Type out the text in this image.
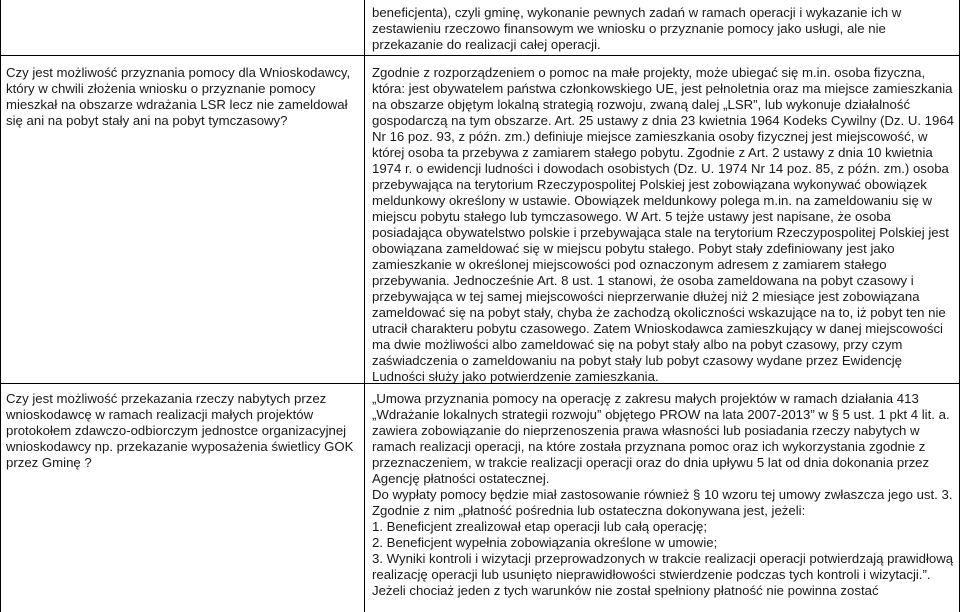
beneficjenta), czyli gminę, wykonanie pewnych zadań w ramach operacji i wykazanie ich w zestawieniu rzeczowo finansowym we wniosku o przyznanie pomocy jako usługi, ale nie przekazanie do realizacji całej operacji.

Czy jest możliwość przyznania pomocy dla Wnioskodawcy, który w chwili złożenia wniosku o przyznanie pomocy mieszkał na obszarze wdrażania LSR lecz nie zameldował się ani na pobyt stały ani na pobyt tymczasowy?

Zgodnie z rozporządzeniem o pomoc na małe projekty, może ubiegać się m.in. osoba fizyczna, która: jest obywatelem państwa członkowskiego UE, jest pełnoletnia oraz ma miejsce zamieszkania na obszarze objętym lokalną strategią rozwoju, zwaną dalej „LSR”, lub wykonuje działalność gospodarczą na tym obszarze. Art. 25 ustawy z dnia 23 kwietnia 1964 Kodeks Cywilny (Dz. U. 1964 Nr 16 poz. 93, z późn. zm.) definiuje miejsce zamieszkania osoby fizycznej jest miejscowość, w której osoba ta przebywa z zamiarem stałego pobytu. Zgodnie z Art. 2 ustawy z dnia 10 kwietnia 1974 r. o ewidencji ludności i dowodach osobistych (Dz. U. 1974 Nr 14 poz. 85, z późn. zm.) osoba przebywająca na terytorium Rzeczypospolitej Polskiej jest zobowiązana wykonywać obowiązek meldunkowy określony w ustawie. Obowiązek meldunkowy polega m.in. na zameldowaniu się w miejscu pobytu stałego lub tymczasowego. W Art. 5 tejże ustawy jest napisane, że osoba posiadająca obywatelstwo polskie i przebywająca stale na terytorium Rzeczypospolitej Polskiej jest obowiązana zameldować się w miejscu pobytu stałego. Pobyt stały zdefiniowany jest jako zamieszkanie w określonej miejscowości pod oznaczonym adresem z zamiarem stałego przebywania. Jednocześnie Art. 8 ust. 1 stanowi, że osoba zameldowana na pobyt czasowy i przebywająca w tej samej miejscowości nieprzerwanie dłużej niż 2 miesiące jest zobowiązana zameldować się na pobyt stały, chyba że zachodzą okoliczności wskazujące na to, iż pobyt ten nie utracił charakteru pobytu czasowego. Zatem Wnioskodawca zamieszkujący w danej miejscowości ma dwie możliwości albo zameldować się na pobyt stały albo na pobyt czasowy, przy czym zaświadczenia o zameldowaniu na pobyt stały lub pobyt czasowy wydane przez Ewidencję Ludności służy jako potwierdzenie zamieszkania.

Czy jest możliwość przekazania rzeczy nabytych przez wnioskodawcę w ramach realizacji małych projektów protokołem zdawczo-odbiorczym jednostce organizacyjnej wnioskodawcy np. przekazanie wyposażenia świetlicy GOK przez Gminę ?

„Umowa przyznania pomocy na operację z zakresu małych projektów w ramach działania 413 „Wdrażanie lokalnych strategii rozwoju” objętego PROW na lata 2007-2013” w § 5 ust. 1 pkt 4 lit. a. zawiera zobowiązanie do nieprzenoszenia prawa własności lub posiadania rzeczy nabytych w ramach realizacji operacji, na które została przyznana pomoc oraz ich wykorzystania zgodnie z przeznaczeniem, w trakcie realizacji operacji oraz do dnia upływu 5 lat od dnia dokonania przez Agencję płatności ostatecznej.

Do wypłaty pomocy będzie miał zastosowanie również § 10 wzoru tej umowy zwłaszcza jego ust. 3. Zgodnie z nim „płatność pośrednia lub ostateczna dokonywana jest, jeżeli:

1. Beneficjent zrealizował etap operacji lub całą operację;

2. Beneficjent wypełnia zobowiązania określone w umowie;

3. Wyniki kontroli i wizytacji przeprowadzonych w trakcie realizacji operacji potwierdzają prawidłową realizację operacji lub usunięto nieprawidłowości stwierdzenie podczas tych kontroli i wizytacji.”.

Jeżeli chociaż jeden z tych warunków nie został spełniony płatność nie powinna zostać
